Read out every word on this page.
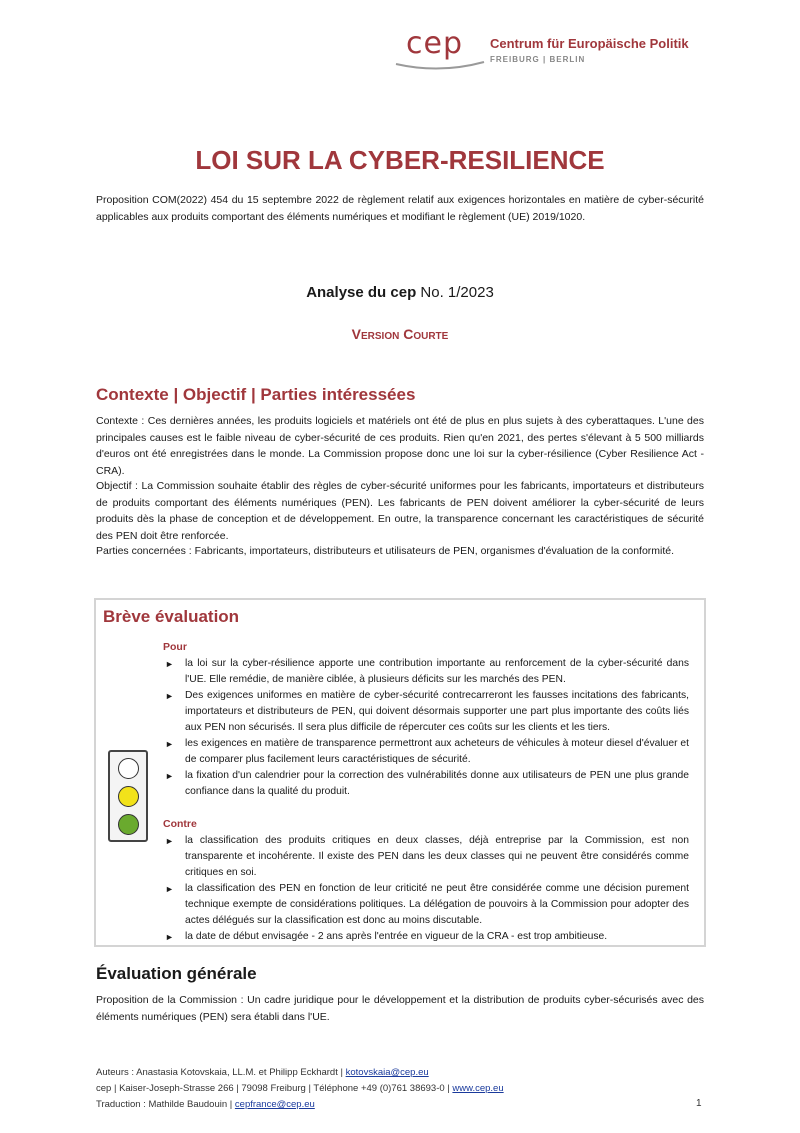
cep Centrum für Europäische Politik
FREIBURG | BERLIN
LOI SUR LA CYBER-RESILIENCE

Proposition COM(2022) 454 du 15 septembre 2022 de règlement relatif aux exigences horizontales en matière de cyber-sécurité applicables aux produits comportant des éléments numériques et modifiant le règlement (UE) 2019/1020.

Analyse du cep No. 1/2023
Version Courte
Contexte | Objectif | Parties intéressées

Contexte : Ces dernières années, les produits logiciels et matériels ont été de plus en plus sujets à des cyberattaques. L'une des principales causes est le faible niveau de cyber-sécurité de ces produits. Rien qu'en 2021, des pertes s'élevant à 5 500 milliards d'euros ont été enregistrées dans le monde. La Commission propose donc une loi sur la cyber-résilience (Cyber Resilience Act - CRA).

Objectif : La Commission souhaite établir des règles de cyber-sécurité uniformes pour les fabricants, importateurs et distributeurs de produits comportant des éléments numériques (PEN). Les fabricants de PEN doivent améliorer la cyber-sécurité de leurs produits dès la phase de conception et de développement. En outre, la transparence concernant les caractéristiques de sécurité des PEN doit être renforcée.

Parties concernées : Fabricants, importateurs, distributeurs et utilisateurs de PEN, organismes d'évaluation de la conformité.

Brève évaluation
Pour
► la loi sur la cyber-résilience apporte une contribution importante au renforcement de la cyber-sécurité dans l'UE. Elle remédie, de manière ciblée, à plusieurs déficits sur les marchés des PEN.
► Des exigences uniformes en matière de cyber-sécurité contrecarreront les fausses incitations des fabricants, importateurs et distributeurs de PEN, qui doivent désormais supporter une part plus importante des coûts liés aux PEN non sécurisés. Il sera plus difficile de répercuter ces coûts sur les clients et les tiers.
► les exigences en matière de transparence permettront aux acheteurs de véhicules à moteur diesel d'évaluer et de comparer plus facilement leurs caractéristiques de sécurité.
► la fixation d'un calendrier pour la correction des vulnérabilités donne aux utilisateurs de PEN une plus grande confiance dans la qualité du produit.
Contre
► la classification des produits critiques en deux classes, déjà entreprise par la Commission, est non transparente et incohérente. Il existe des PEN dans les deux classes qui ne peuvent être considérés comme critiques en soi.
► la classification des PEN en fonction de leur criticité ne peut être considérée comme une décision purement technique exempte de considérations politiques. La délégation de pouvoirs à la Commission pour adopter des actes délégués sur la classification est donc au moins discutable.
► la date de début envisagée - 2 ans après l'entrée en vigueur de la CRA - est trop ambitieuse.
Évaluation générale

Proposition de la Commission : Un cadre juridique pour le développement et la distribution de produits cyber-sécurisés avec des éléments numériques (PEN) sera établi dans l'UE.

Auteurs : Anastasia Kotovskaia, LL.M. et Philipp Eckhardt | kotovskaia@cep.eu
cep | Kaiser-Joseph-Strasse 266 | 79098 Freiburg | Téléphone +49 (0)761 38693-0 | www.cep.eu
Traduction : Mathilde Baudouin | cepfrance@cep.eu	1
